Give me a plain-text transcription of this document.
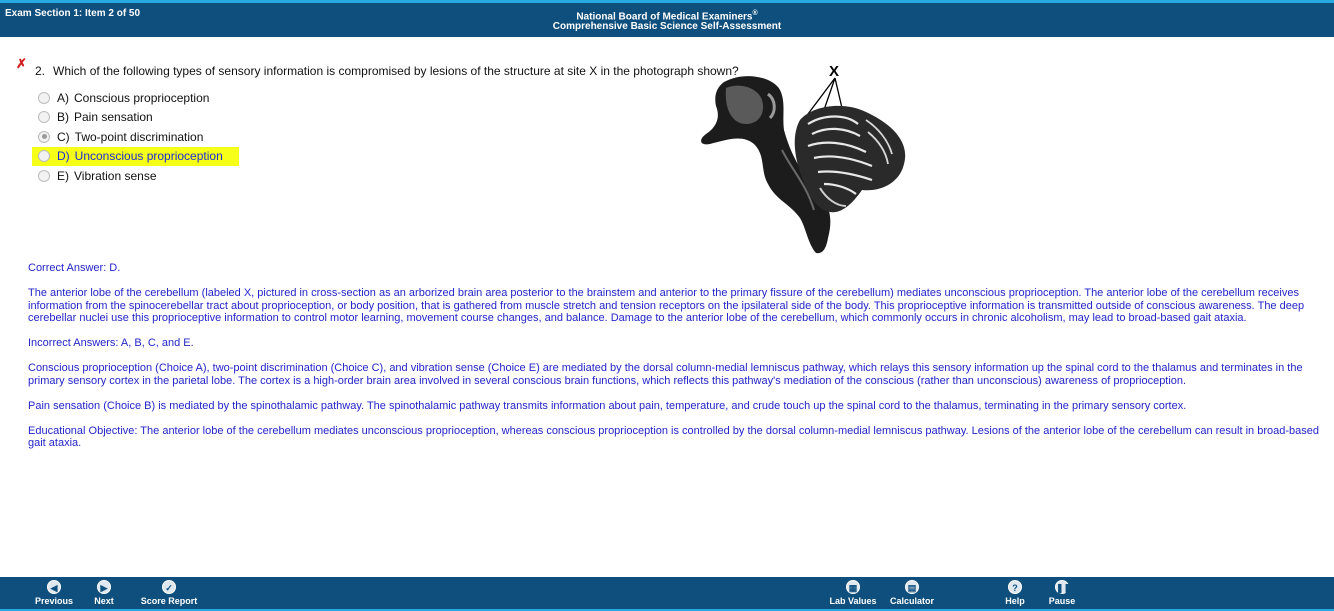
Exam Section 1: Item 2 of 50	National Board of Medical Examiners®
Comprehensive Basic Science Self-Assessment
✗ 2. Which of the following types of sensory information is compromised by lesions of the structure at site X in the photograph shown?
A) Conscious proprioception
B) Pain sensation
C) Two-point discrimination
D) Unconscious proprioception
E) Vibration sense
X

Correct Answer: D.

The anterior lobe of the cerebellum (labeled X, pictured in cross-section as an arborized brain area posterior to the brainstem and anterior to the primary fissure of the cerebellum) mediates unconscious proprioception. The anterior lobe of the cerebellum receives information from the spinocerebellar tract about proprioception, or body position, that is gathered from muscle stretch and tension receptors on the ipsilateral side of the body. This proprioceptive information is transmitted outside of conscious awareness. The deep cerebellar nuclei use this proprioceptive information to control motor learning, movement course changes, and balance. Damage to the anterior lobe of the cerebellum, which commonly occurs in chronic alcoholism, may lead to broad-based gait ataxia.

Incorrect Answers: A, B, C, and E.

Conscious proprioception (Choice A), two-point discrimination (Choice C), and vibration sense (Choice E) are mediated by the dorsal column-medial lemniscus pathway, which relays this sensory information up the spinal cord to the thalamus and terminates in the primary sensory cortex in the parietal lobe. The cortex is a high-order brain area involved in several conscious brain functions, which reflects this pathway's mediation of the conscious (rather than unconscious) awareness of proprioception.

Pain sensation (Choice B) is mediated by the spinothalamic pathway. The spinothalamic pathway transmits information about pain, temperature, and crude touch up the spinal cord to the thalamus, terminating in the primary sensory cortex.

Educational Objective: The anterior lobe of the cerebellum mediates unconscious proprioception, whereas conscious proprioception is controlled by the dorsal column-medial lemniscus pathway. Lesions of the anterior lobe of the cerebellum can result in broad-based gait ataxia.

◀
Previous
▶
Next
✓
Score Report
▦
Lab Values
▤
Calculator
?
Help
❚❚
Pause
